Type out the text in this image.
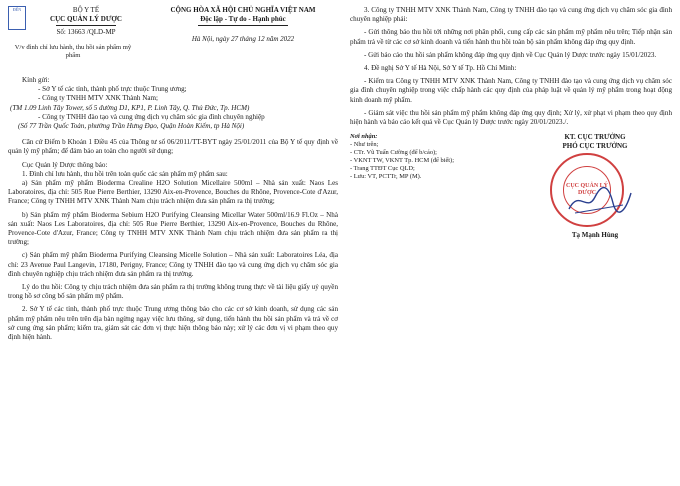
ĐẾN	BỘ Y TẾ
CỤC QUẢN LÝ DƯỢC
Số: 13663 /QLD-MP
CỘNG HÒA XÃ HỘI CHỦ NGHĨA VIỆT NAM
Độc lập - Tự do - Hạnh phúc
Hà Nội, ngày 27 tháng 12 năm 2022
V/v đình chỉ lưu hành, thu hồi sản phẩm mỹ phẩm

Kính gửi:

- Sở Y tế các tỉnh, thành phố trực thuộc Trung ương;

- Công ty TNHH MTV XNK Thành Nam;

(TM 1.09 Linh Tây Tower, số 5 đường D1, KP1, P. Linh Tây, Q. Thủ Đức, Tp. HCM)

- Công ty TNHH đào tạo và cung ứng dịch vụ chăm sóc gia đình chuyên nghiệp

(Số 77 Trần Quốc Toản, phường Trần Hưng Đạo, Quận Hoàn Kiếm, tp Hà Nội)

Căn cứ Điểm b Khoản 1 Điều 45 của Thông tư số 06/2011/TT-BYT ngày 25/01/2011 của Bộ Y tế quy định về quản lý mỹ phẩm; để đảm bảo an toàn cho người sử dụng;

Cục Quản lý Dược thông báo:

1. Đình chỉ lưu hành, thu hồi trên toàn quốc các sản phẩm mỹ phẩm sau:

a) Sản phẩm mỹ phẩm Bioderma Crealine H2O Solution Micellaire 500ml – Nhà sản xuất: Naos Les Laboratoires, địa chỉ: 505 Rue Pierre Berthier, 13290 Aix-en-Provence, Bouches du Rhône, Provence-Cote d'Azur, France; Công ty TNHH MTV XNK Thành Nam chịu trách nhiệm đưa sản phẩm ra thị trường;

b) Sản phẩm mỹ phẩm Bioderma Sebium H2O Purifying Cleansing Micellar Water 500ml/16.9 Fl.Oz – Nhà sản xuất: Naos Les Laboratoires, địa chỉ: 505 Rue Pierre Berthier, 13290 Aix-en-Provence, Bouches du Rhône, Provence-Cote d'Azur, France; Công ty TNHH MTV XNK Thành Nam chịu trách nhiệm đưa sản phẩm ra thị trường;

c) Sản phẩm mỹ phẩm Bioderma Purifying Cleansing Micelle Solution – Nhà sản xuất: Laboratoires Léa, địa chỉ: 23 Avenue Paul Langevin, 17180, Perigny, France; Công ty TNHH đào tạo và cung ứng dịch vụ chăm sóc gia đình chuyên nghiệp chịu trách nhiệm đưa sản phẩm ra thị trường.

Lý do thu hồi: Công ty chịu trách nhiệm đưa sản phẩm ra thị trường không trung thực về tài liệu giấy uỷ quyền trong hồ sơ công bố sản phẩm mỹ phẩm.

2. Sở Y tế các tỉnh, thành phố trực thuộc Trung ương thông báo cho các cơ sở kinh doanh, sử dụng các sản phẩm mỹ phẩm nêu trên trên địa bàn ngừng ngay việc lưu thông, sử dụng, tiến hành thu hồi sản phẩm và trả về cơ sở cung ứng sản phẩm; kiểm tra, giám sát các đơn vị thực hiện thông báo này; xử lý các đơn vị vi phạm theo quy định hiện hành.

3. Công ty TNHH MTV XNK Thành Nam, Công ty TNHH đào tạo và cung ứng dịch vụ chăm sóc gia đình chuyên nghiệp phải:

- Gửi thông báo thu hồi tới những nơi phân phối, cung cấp các sản phẩm mỹ phẩm nêu trên; Tiếp nhận sản phẩm trả về từ các cơ sở kinh doanh và tiến hành thu hồi toàn bộ sản phẩm không đáp ứng quy định.

- Gửi báo cáo thu hồi sản phẩm không đáp ứng quy định về Cục Quản lý Dược trước ngày 15/01/2023.

4. Đề nghị Sở Y tế Hà Nội, Sở Y tế Tp. Hồ Chí Minh:

- Kiểm tra Công ty TNHH MTV XNK Thành Nam, Công ty TNHH đào tạo và cung ứng dịch vụ chăm sóc gia đình chuyên nghiệp trong việc chấp hành các quy định của pháp luật về quản lý mỹ phẩm trong hoạt động kinh doanh mỹ phẩm.

- Giám sát việc thu hồi sản phẩm mỹ phẩm không đáp ứng quy định; Xử lý, xử phạt vi phạm theo quy định hiện hành và báo cáo kết quả về Cục Quản lý Dược trước ngày 20/01/2023./.

Nơi nhận:
- Như trên;
- CTr. Vũ Tuấn Cường (để b/cáo);
- VKNT TW, VKNT Tp. HCM (để biết);
- Trang TTĐT Cục QLD;
- Lưu: VT, PCTTr, MP (M).
KT. CỤC TRƯỞNG
PHÓ CỤC TRƯỞNG
CỤC QUẢN LÝ DƯỢC
Tạ Mạnh Hùng
